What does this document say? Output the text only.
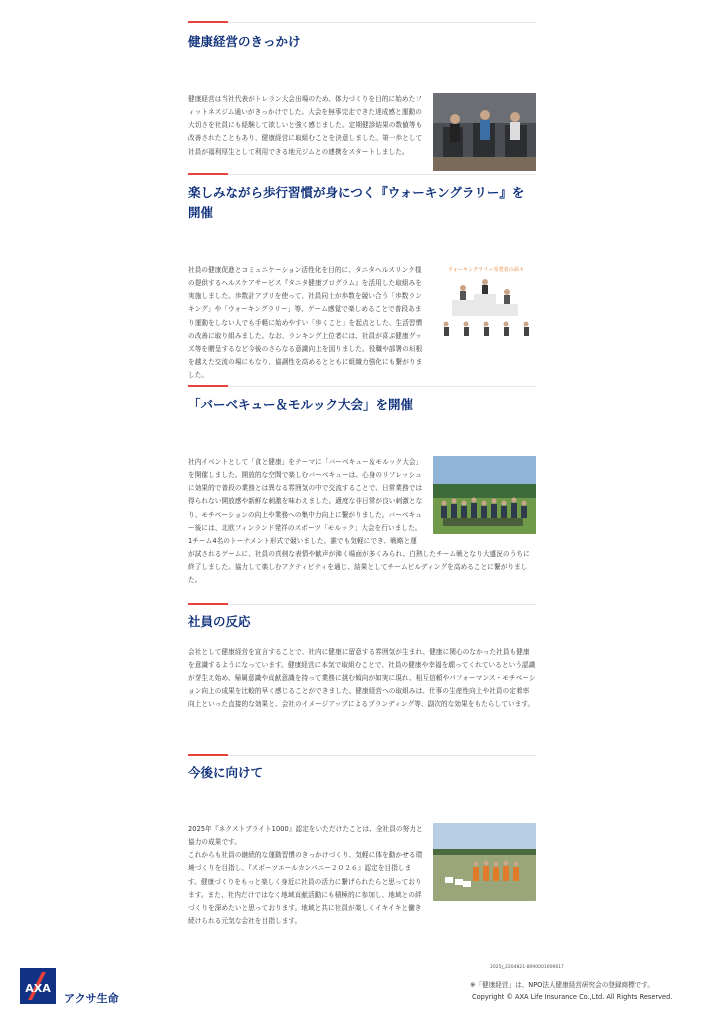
健康経営のきっかけ

健康経営は当社代表がトレラン大会出場のため、体力づくりを目的に始めたフィットネスジム通いがきっかけでした。大会を無事完走できた達成感と運動の大切さを社員にも経験して欲しいと強く感じました。定期健診結果の数値等も改善されたこともあり、健康経営に取組むことを決意しました。第一歩として社員が福利厚生として利用できる地元ジムとの連携をスタートしました。

楽しみながら歩行習慣が身につく『ウォーキングラリー』を開催

ウォーキングラリー受賞者の面々

社員の健康促進とコミュニケーション活性化を目的に、タニタヘルスリンク様の提供するヘルスケアサービス『タニタ健康プログラム』を活用した取組みを実施しました。歩数計アプリを使って、社員同士が歩数を競い合う「歩数ランキング」や「ウォーキングラリー」等、ゲーム感覚で楽しめることで普段あまり運動をしない人でも手軽に始めやすい「歩くこと」を起点とした、生活習慣の改善に取り組みました。なお、ランキング上位者には、社員が喜ぶ健康グッズ等を贈呈するなど今後のさらなる意識向上を図りました。役職や部署の垣根を越えた交流の場にもなり、協調性を高めるとともに組織力強化にも繋がりました。

「バーベキュー＆モルック大会」を開催

社内イベントとして「食と健康」をテーマに「バーベキュー＆モルック大会」を開催しました。開放的な空間で楽しむバーベキューは、心身のリフレッシュに効果的で普段の業務とは異なる雰囲気の中で交流することで、日常業務では得られない開放感や新鮮な刺激を味わえました。適度な非日常が良い刺激となり、モチベーションの向上や業務への集中力向上に繋がりました。バーベキュー後には、北欧フィンランド発祥のスポーツ「モルック」大会を行いました。1チーム4名のトーナメント形式で競いました。誰でも気軽にでき、戦略と運が試されるゲームに、社員の真剣な表情や歓声が沸く場面が多くみられ、白熱したチーム戦となり大盛況のうちに終了しました。協力して楽しむアクティビティを通じ、結果としてチームビルディングを高めることに繋がりました。

社員の反応
会社として健康経営を宣言することで、社内に健康に留意する雰囲気が生まれ、健康に関心のなかった社員も健康を意識するようになっています。健康経営に本気で取組むことで、社員の健康や幸福を願ってくれているという認識が芽生え始め、帰属意識や貢献意識を持って業務に挑む傾向が如実に現れ、相互信頼やパフォーマンス・モチベーション向上の成果を比較的早く感じることができました。健康経営への取組みは、仕事の生産性向上や社員の定着率向上といった直接的な効果と、会社のイメージアップによるブランディング等、副次的な効果をもたらしています。
今後に向けて

2025年『ネクストブライト1000』認定をいただけたことは、全社員の努力と協力の成果です。
これからも社員の継続的な運動習慣のきっかけづくり、気軽に体を動かせる環境づくりを目指し、『スポーツエールカンパニー２０２６』認定を目指します。健康づくりをもっと楽しく身近に社員の活力に繋げられたらと思っております。また、社内だけではなく地域貢献活動にも積極的に参加し、地域との絆づくりを深めたいと思っております。地域と共に社員が楽しくイキイキと働き続けられる元気な会社を目指します。

AXA
アクサ生命
2025J_2204821-8090001606617
※「健康経営」は、NPO法人健康経営研究会の登録商標です。
Copyright © AXA Life Insurance Co.,Ltd. All Rights Reserved.
